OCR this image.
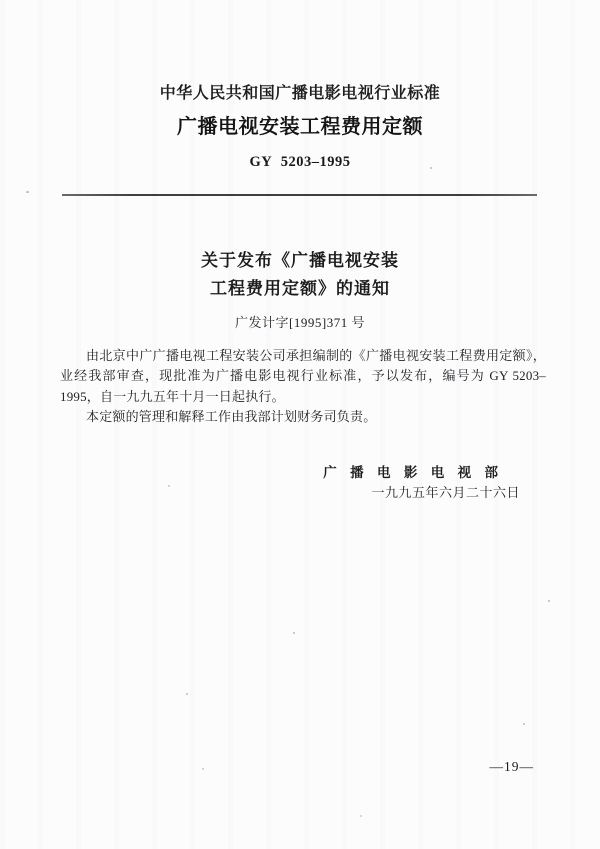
中华人民共和国广播电影电视行业标准
广播电视安装工程费用定额
GY 5203–1995
关于发布《广播电视安装
工程费用定额》的通知
广发计字[1995]371 号

由北京中广广播电视工程安装公司承担编制的《广播电视安装工程费用定额》，业经我部审查，现批准为广播电影电视行业标准，予以发布，编号为 GY 5203–1995，自一九九五年十月一日起执行。

本定额的管理和解释工作由我部计划财务司负责。

广 播 电 影 电 视 部
一九九五年六月二十六日
—19—
